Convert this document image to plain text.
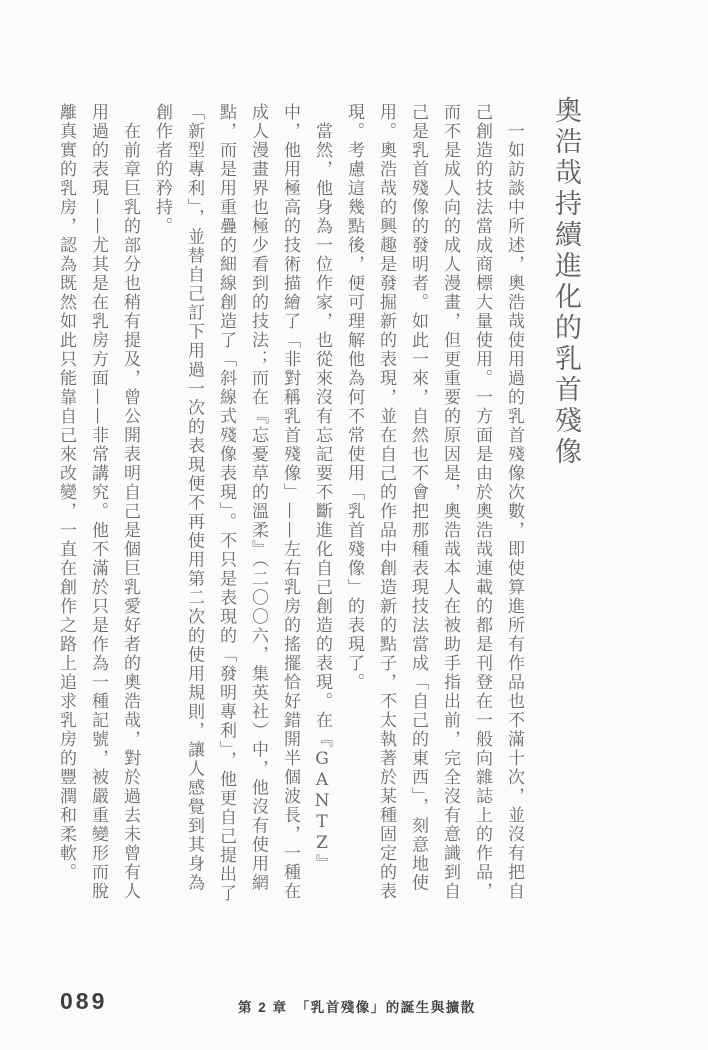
奧浩哉持續進化的乳首殘像

一如訪談中所述，奧浩哉使用過的乳首殘像次數，即使算進所有作品也不滿十次，並沒有把自己創造的技法當成商標大量使用。一方面是由於奧浩哉連載的都是刊登在一般向雜誌上的作品，而不是成人向的成人漫畫，但更重要的原因是，奧浩哉本人在被助手指出前，完全沒有意識到自己是乳首殘像的發明者。如此一來，自然也不會把那種表現技法當成「自己的東西」，刻意地使用。奧浩哉的興趣是發掘新的表現，並在自己的作品中創造新的點子，不太執著於某種固定的表現。考慮這幾點後，便可理解他為何不常使用「乳首殘像」的表現了。

當然，他身為一位作家，也從來沒有忘記要不斷進化自己創造的表現。在『GANTZ』中，他用極高的技術描繪了「非對稱乳首殘像」——左右乳房的搖擺恰好錯開半個波長，一種在成人漫畫界也極少看到的技法；而在『忘憂草的溫柔』（二〇〇六，集英社）中，他沒有使用網點，而是用重疊的細線創造了「斜線式殘像表現」。不只是表現的「發明專利」，他更自己提出了「新型專利」，並替自己訂下用過一次的表現便不再使用第二次的使用規則，讓人感覺到其身為創作者的矜持。

在前章巨乳的部分也稍有提及，曾公開表明自己是個巨乳愛好者的奧浩哉，對於過去未曾有人用過的表現——尤其是在乳房方面——非常講究。他不滿於只是作為一種記號，被嚴重變形而脫離真實的乳房，認為既然如此只能靠自己來改變，一直在創作之路上追求乳房的豐潤和柔軟。

089	第 2 章　「乳首殘像」的誕生與擴散
